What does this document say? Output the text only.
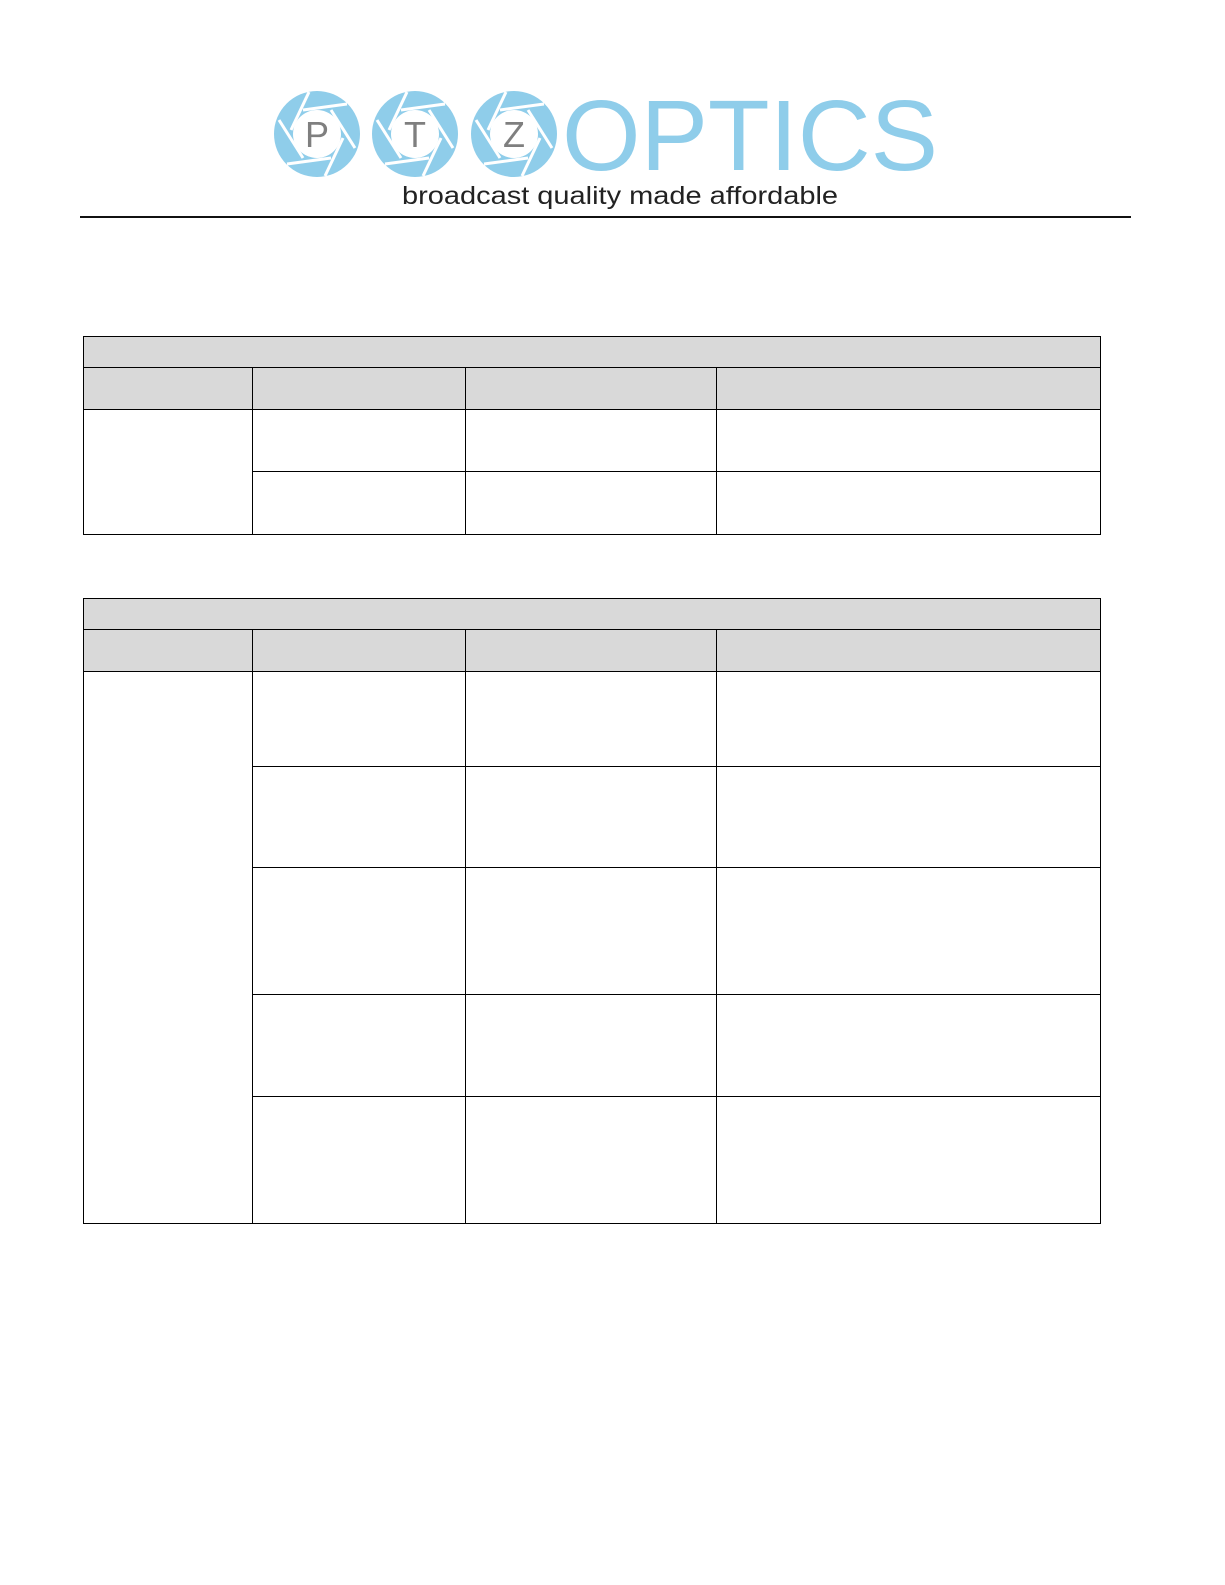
P T Z OPTICS
broadcast quality made affordable
